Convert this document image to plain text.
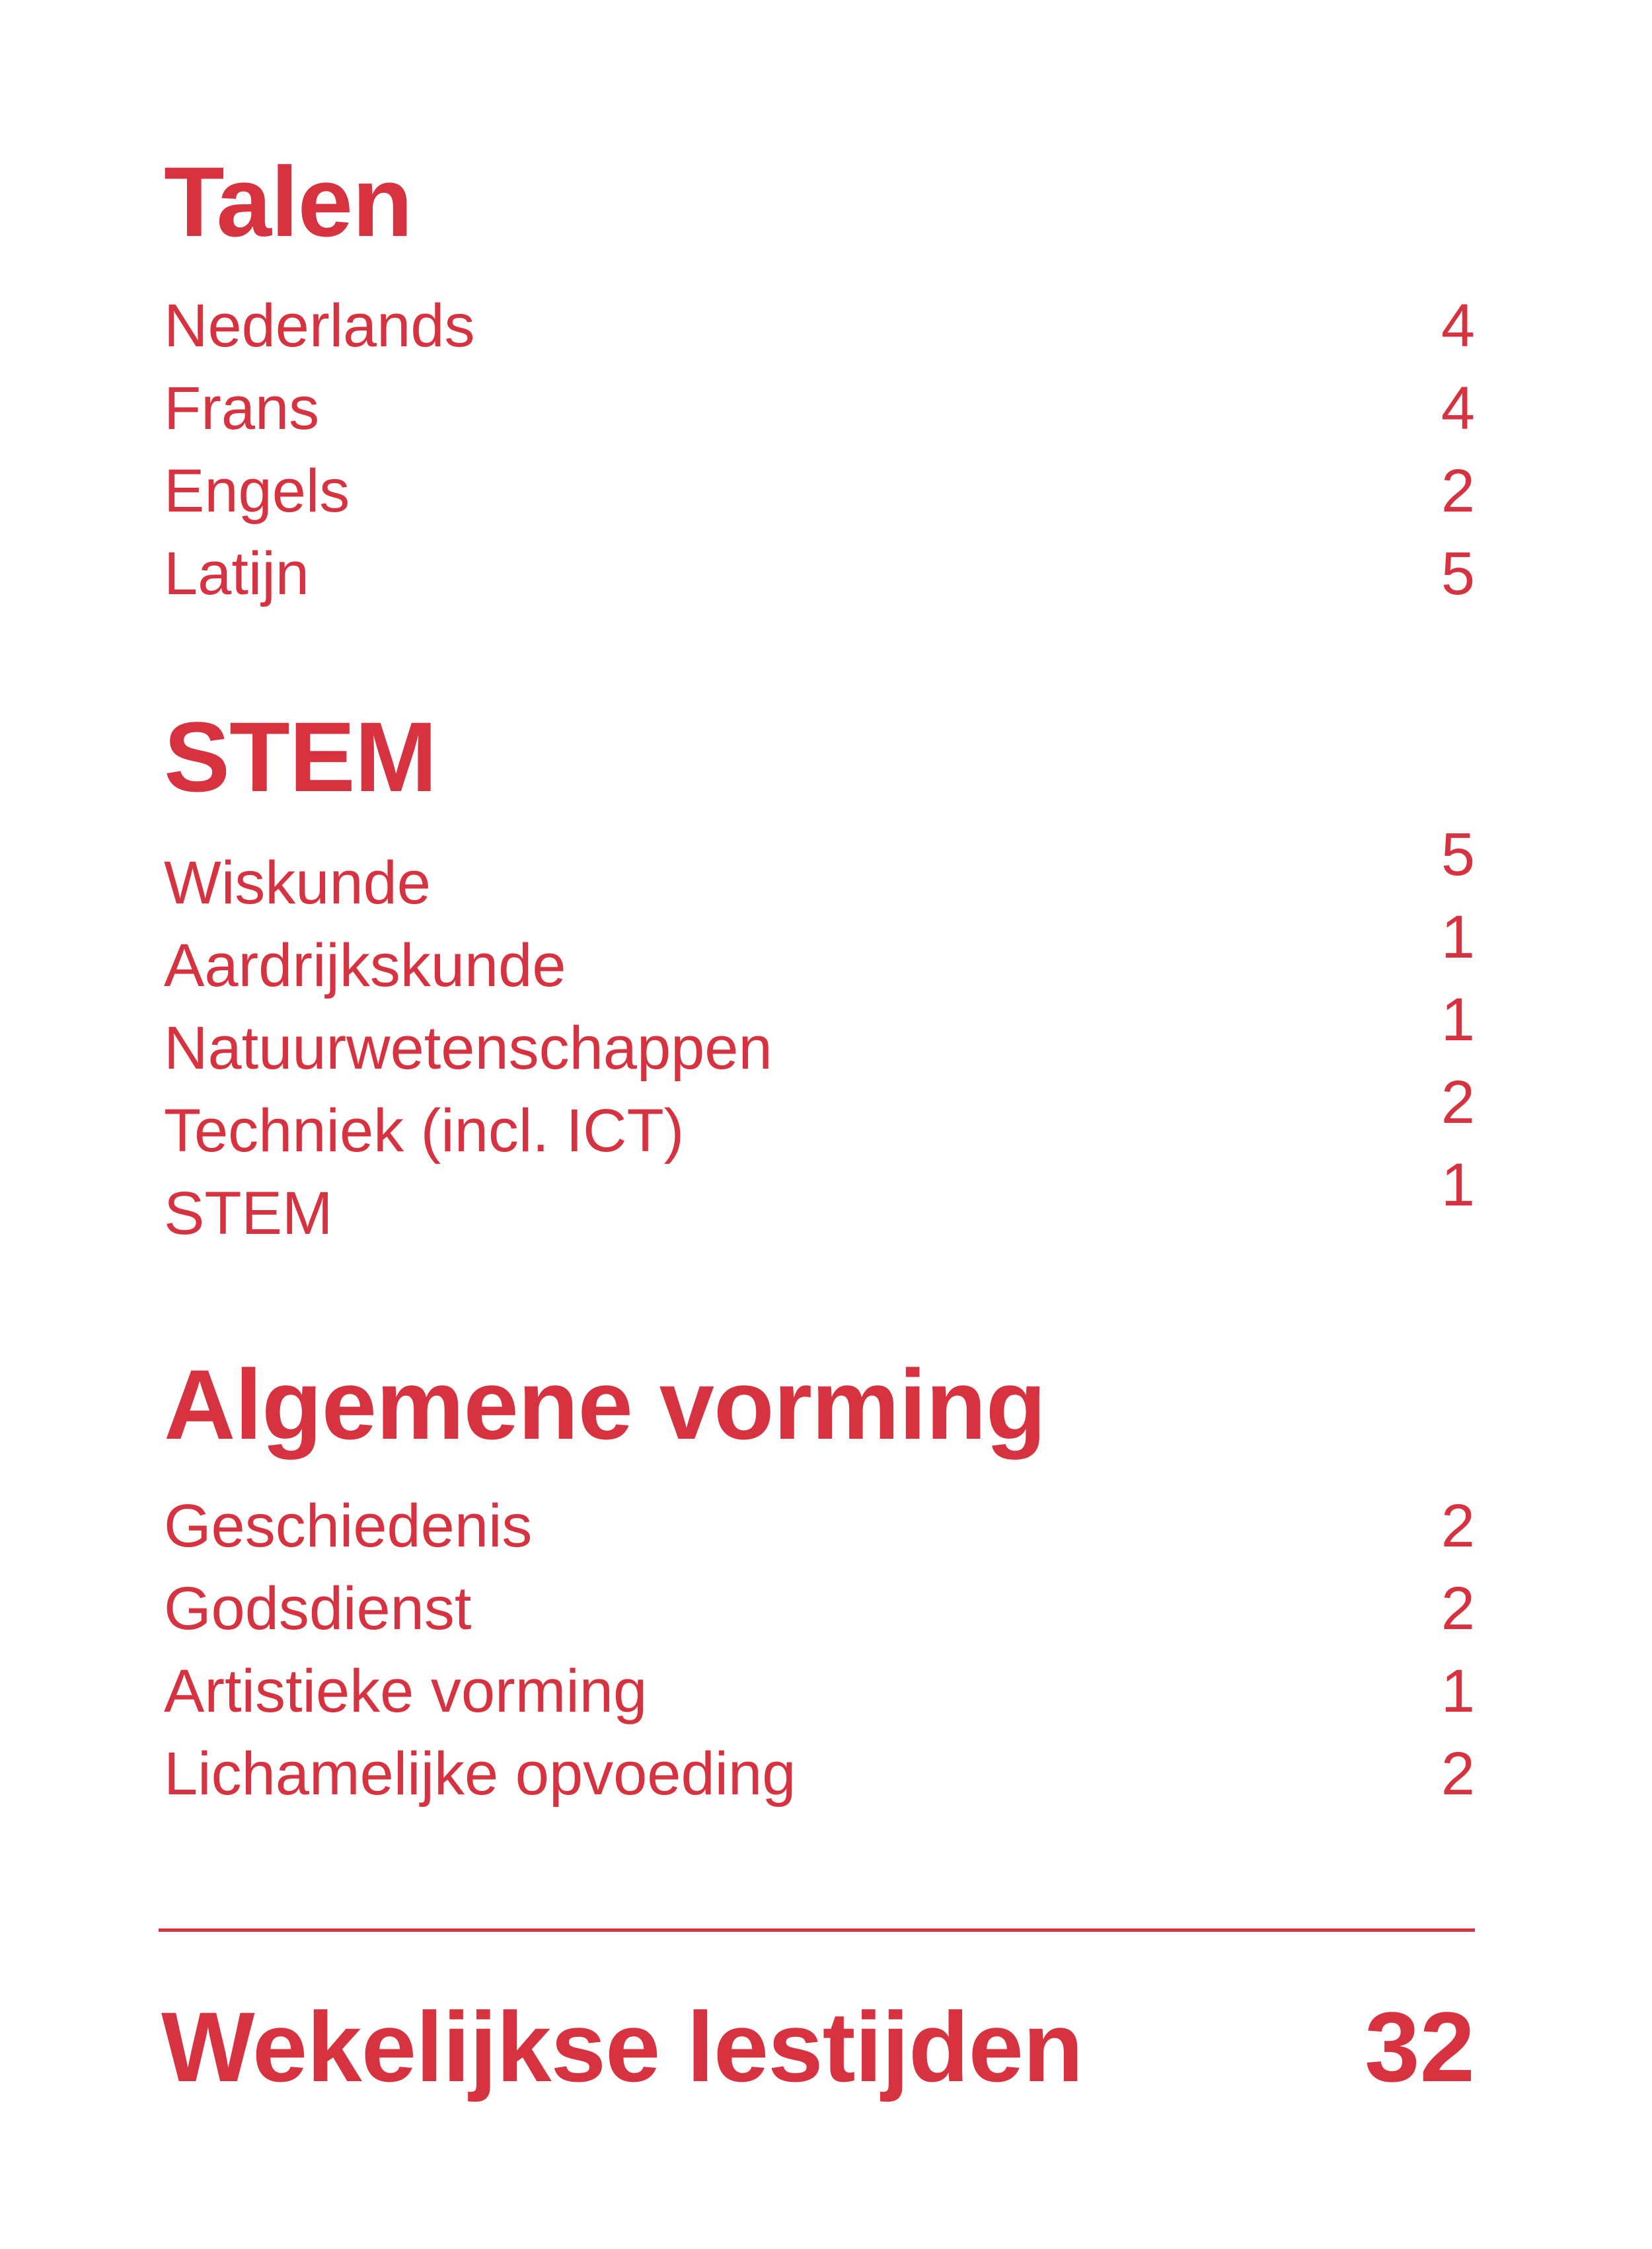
Talen
Nederlands	4
Frans	4
Engels	2
Latijn	5
STEM
Wiskunde	5
Aardrijkskunde	1
Natuurwetenschappen	1
Techniek (incl. ICT)	2
STEM	1
Algemene vorming
Geschiedenis	2
Godsdienst	2
Artistieke vorming	1
Lichamelijke opvoeding	2
Wekelijkse lestijden	32
